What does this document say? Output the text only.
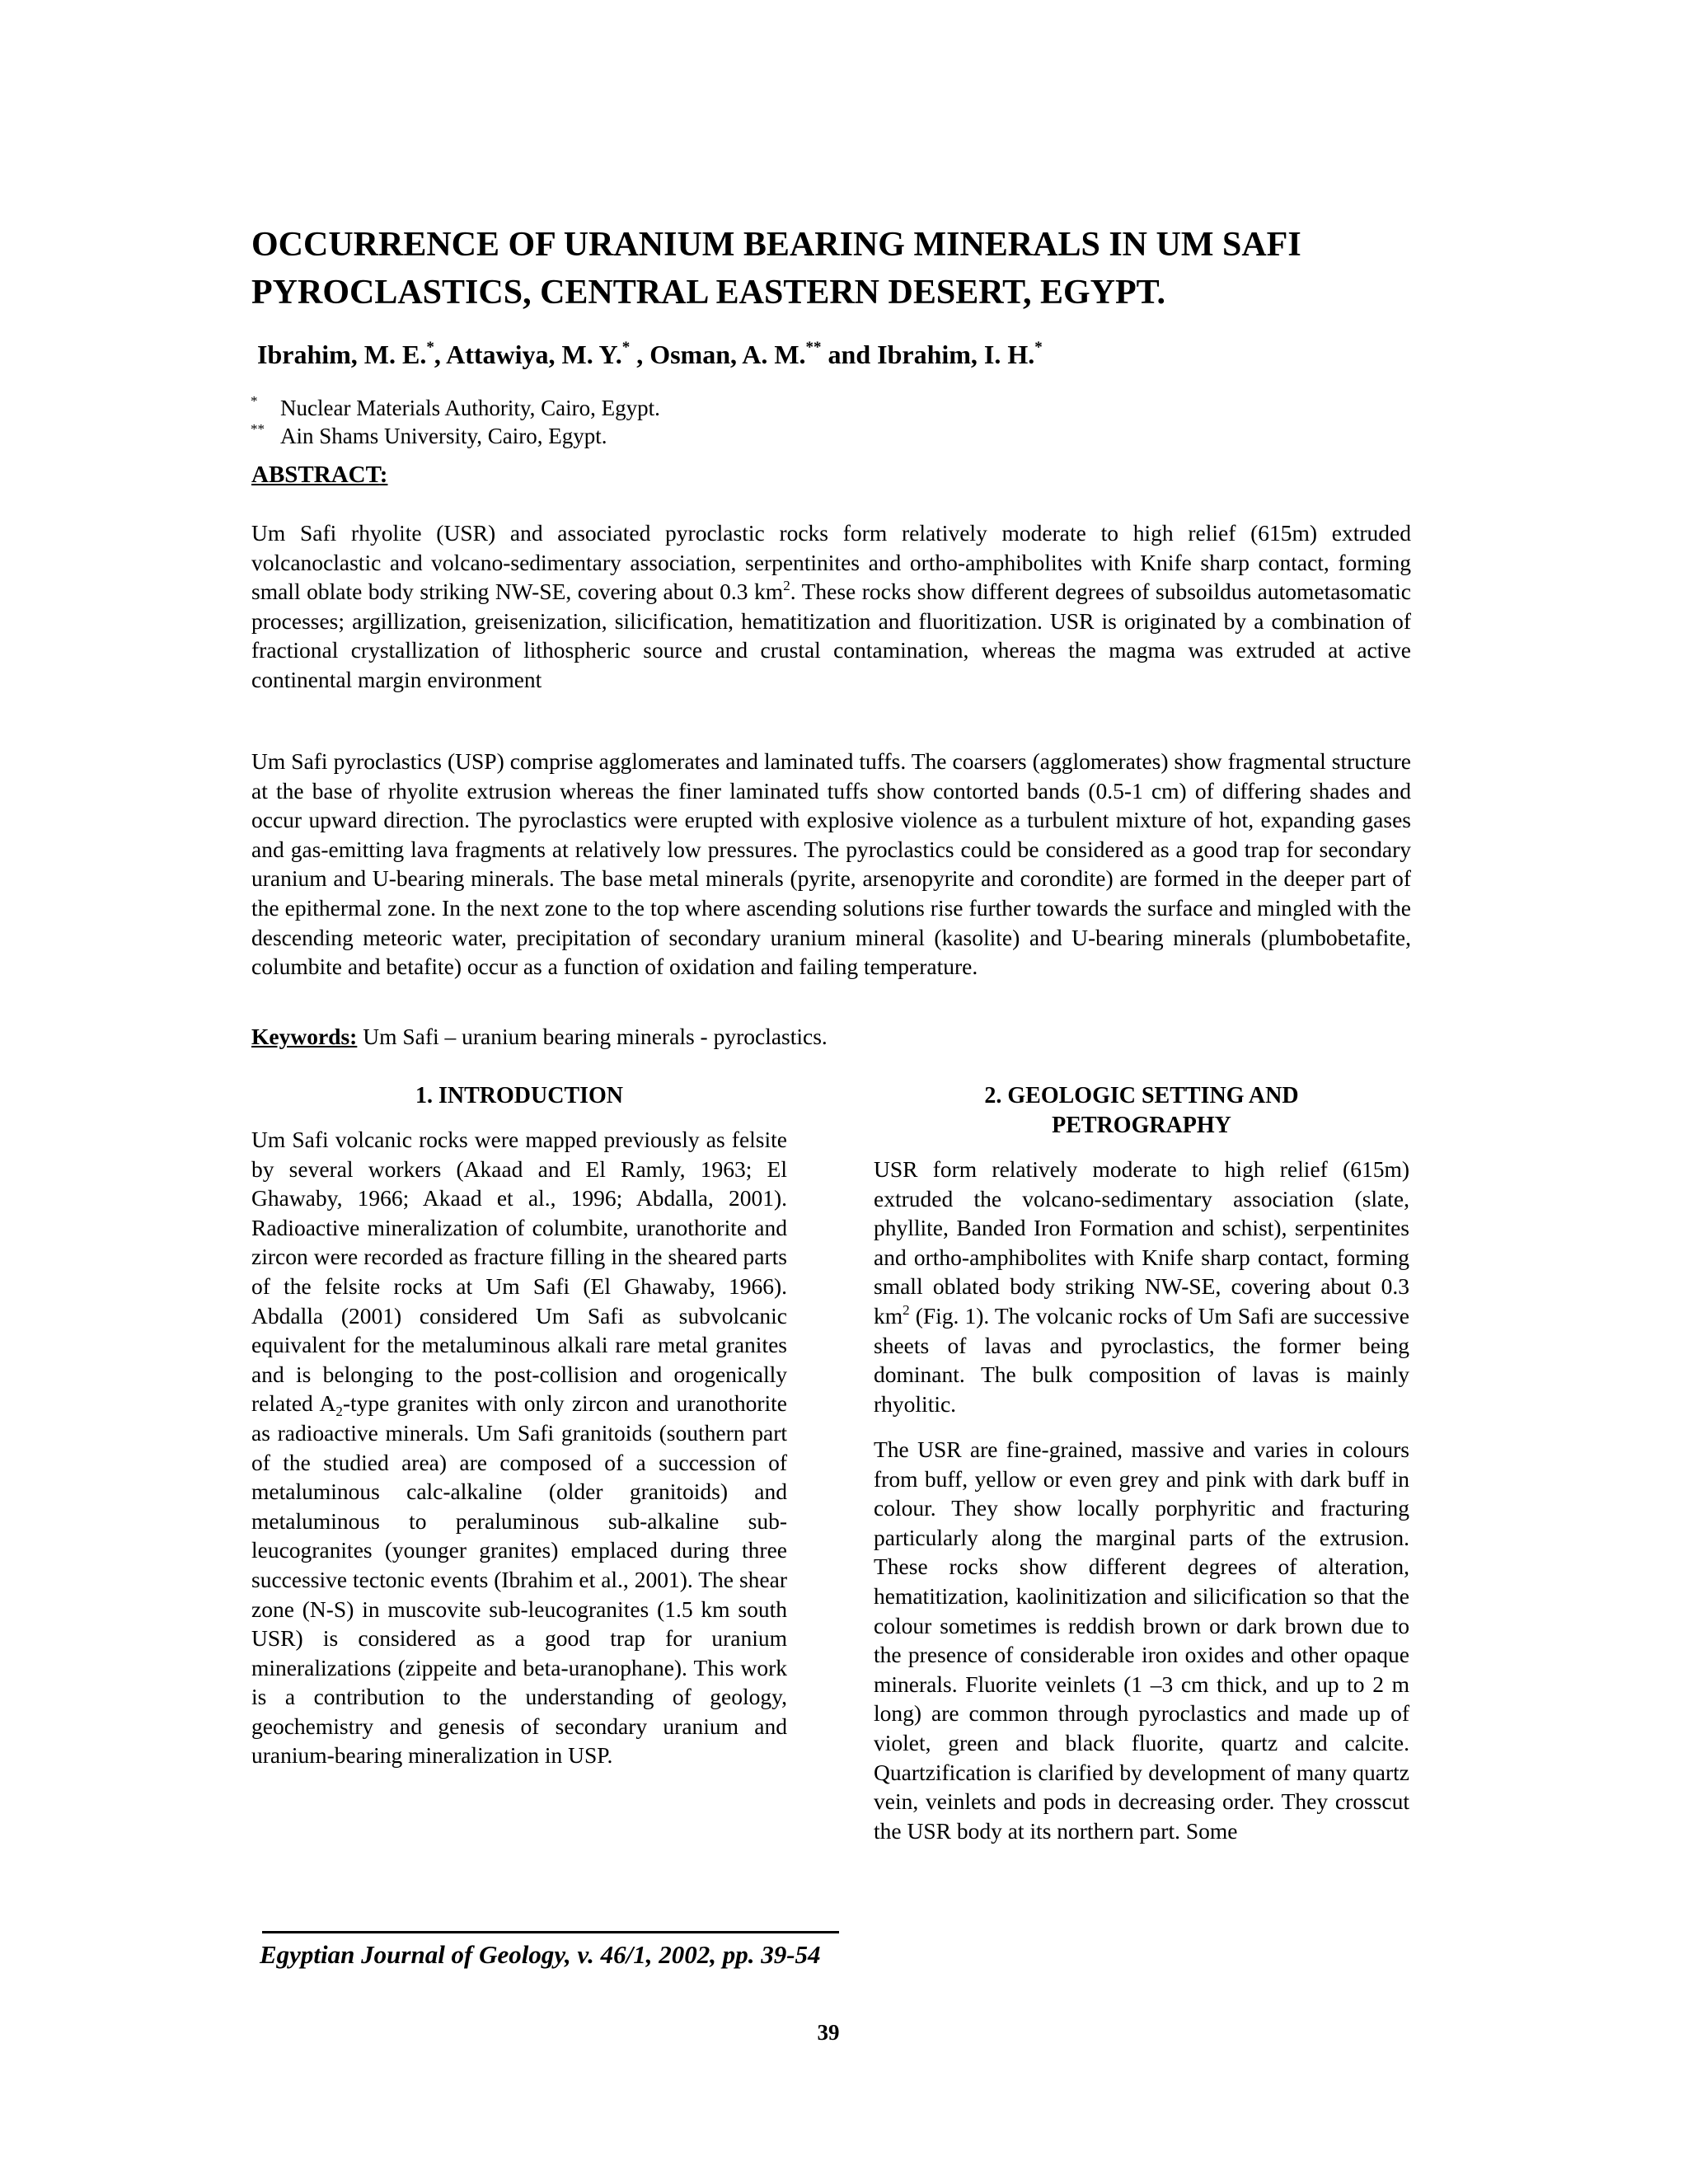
OCCURRENCE OF URANIUM BEARING MINERALS IN UM SAFI
PYROCLASTICS, CENTRAL EASTERN DESERT, EGYPT.
Ibrahim, M. E.*, Attawiya, M. Y.* , Osman, A. M.** and Ibrahim, I. H.*
* Nuclear Materials Authority, Cairo, Egypt.
** Ain Shams University, Cairo, Egypt.
ABSTRACT:

Um Safi rhyolite (USR) and associated pyroclastic rocks form relatively moderate to high relief (615m) extruded volcanoclastic and volcano-sedimentary association, serpentinites and ortho-amphibolites with Knife sharp contact, forming small oblate body striking NW-SE, covering about 0.3 $km^2$. These rocks show different degrees of subsoildus autometasomatic processes; argillization, greisenization, silicification, hematitization and fluoritization. USR is originated by a combination of fractional crystallization of lithospheric source and crustal contamination, whereas the magma was extruded at active continental margin environment

Um Safi pyroclastics (USP) comprise agglomerates and laminated tuffs. The coarsers (agglomerates) show fragmental structure at the base of rhyolite extrusion whereas the finer laminated tuffs show contorted bands (0.5-1 cm) of differing shades and occur upward direction. The pyroclastics were erupted with explosive violence as a turbulent mixture of hot, expanding gases and gas-emitting lava fragments at relatively low pressures. The pyroclastics could be considered as a good trap for secondary uranium and U-bearing minerals. The base metal minerals (pyrite, arsenopyrite and corondite) are formed in the deeper part of the epithermal zone. In the next zone to the top where ascending solutions rise further towards the surface and mingled with the descending meteoric water, precipitation of secondary uranium mineral (kasolite) and U-bearing minerals (plumbobetafite, columbite and betafite) occur as a function of oxidation and failing temperature.

Keywords: Um Safi – uranium bearing minerals - pyroclastics.
1. INTRODUCTION

Um Safi volcanic rocks were mapped previously as felsite by several workers (Akaad and El Ramly, 1963; El Ghawaby, 1966; Akaad et al., 1996; Abdalla, 2001). Radioactive mineralization of columbite, uranothorite and zircon were recorded as fracture filling in the sheared parts of the felsite rocks at Um Safi (El Ghawaby, 1966). Abdalla (2001) considered Um Safi as subvolcanic equivalent for the metaluminous alkali rare metal granites and is belonging to the post-collision and orogenically related $A_2$-type granites with only zircon and uranothorite as radioactive minerals. Um Safi granitoids (southern part of the studied area) are composed of a succession of metaluminous calc-alkaline (older granitoids) and metaluminous to peraluminous sub-alkaline sub-leucogranites (younger granites) emplaced during three successive tectonic events (Ibrahim et al., 2001). The shear zone (N-S) in muscovite sub-leucogranites (1.5 km south USR) is considered as a good trap for uranium mineralizations (zippeite and beta-uranophane). This work is a contribution to the understanding of geology, geochemistry and genesis of secondary uranium and uranium-bearing mineralization in USP.

2. GEOLOGIC SETTING AND
PETROGRAPHY

USR form relatively moderate to high relief (615m) extruded the volcano-sedimentary association (slate, phyllite, Banded Iron Formation and schist), serpentinites and ortho-amphibolites with Knife sharp contact, forming small oblated body striking NW-SE, covering about 0.3 $km^2$ (Fig. 1). The volcanic rocks of Um Safi are successive sheets of lavas and pyroclastics, the former being dominant. The bulk composition of lavas is mainly rhyolitic.

The USR are fine-grained, massive and varies in colours from buff, yellow or even grey and pink with dark buff in colour. They show locally porphyritic and fracturing particularly along the marginal parts of the extrusion. These rocks show different degrees of alteration, hematitization, kaolinitization and silicification so that the colour sometimes is reddish brown or dark brown due to the presence of considerable iron oxides and other opaque minerals. Fluorite veinlets (1 –3 cm thick, and up to 2 m long) are common through pyroclastics and made up of violet, green and black fluorite, quartz and calcite. Quartzification is clarified by development of many quartz vein, veinlets and pods in decreasing order. They crosscut the USR body at its northern part. Some

Egyptian Journal of Geology, v. 46/1, 2002, pp. 39-54
39
